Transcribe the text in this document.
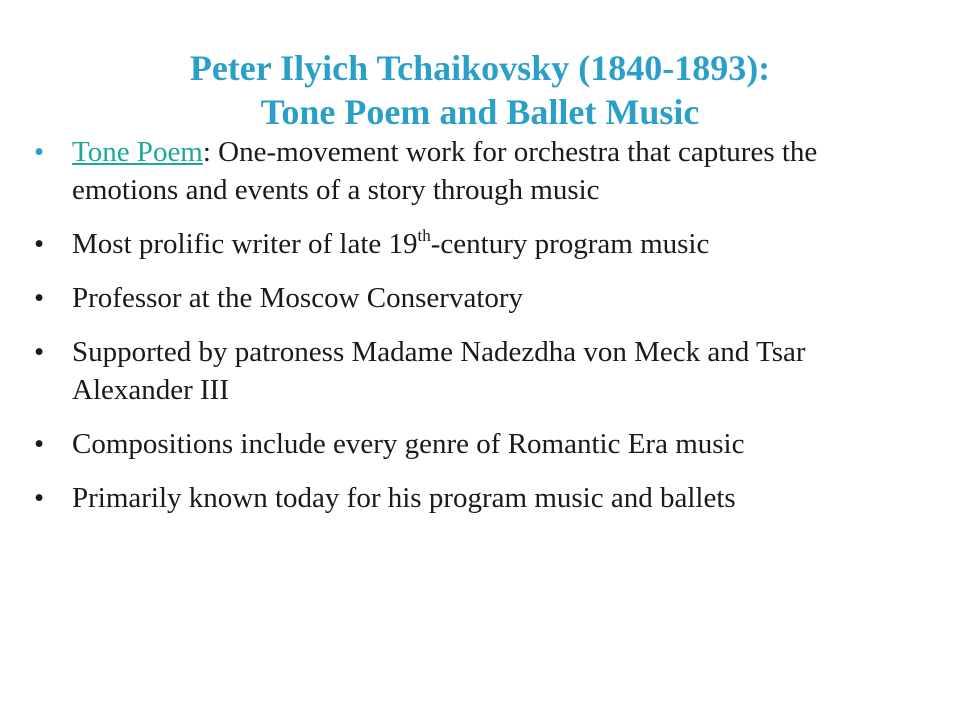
Peter Ilyich Tchaikovsky (1840-1893):
Tone Poem and Ballet Music
• Tone Poem: One-movement work for orchestra that captures the emotions and events of a story through music
• Most prolific writer of late 19th-century program music
• Professor at the Moscow Conservatory
• Supported by patroness Madame Nadezdha von Meck and Tsar Alexander III
• Compositions include every genre of Romantic Era music
• Primarily known today for his program music and ballets
